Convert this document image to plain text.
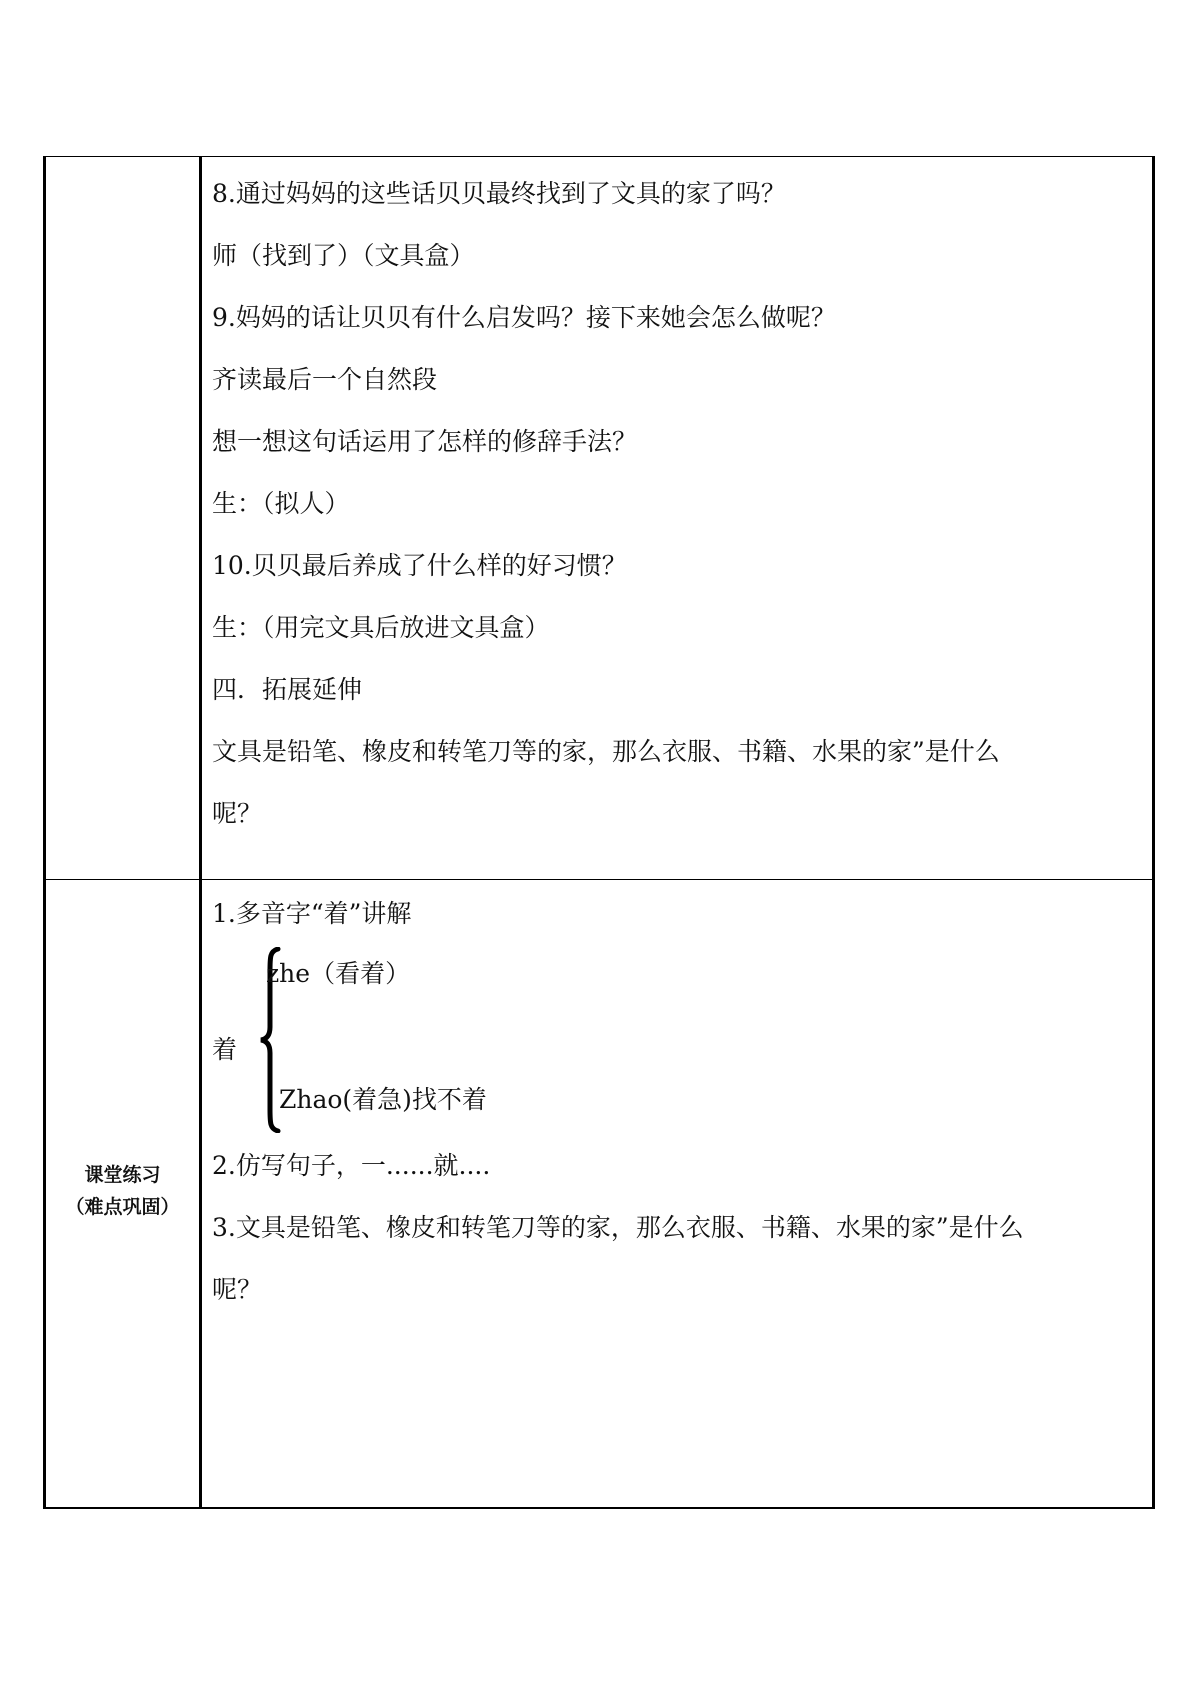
8.通过妈妈的这些话贝贝最终找到了文具的家了吗？
师（找到了）（文具盒）
9.妈妈的话让贝贝有什么启发吗？接下来她会怎么做呢？
齐读最后一个自然段
想一想这句话运用了怎样的修辞手法？
生：（拟人）
10.贝贝最后养成了什么样的好习惯？
生：（用完文具后放进文具盒）
四．拓展延伸
文具是铅笔、橡皮和转笔刀等的家，那么衣服、书籍、水果的家”是什么
呢？
课堂练习
（难点巩固）
1.多音字“着”讲解
着
zhe（看着）
Zhao(着急)找不着
2.仿写句子，一......就....
3.文具是铅笔、橡皮和转笔刀等的家，那么衣服、书籍、水果的家”是什么
呢？
